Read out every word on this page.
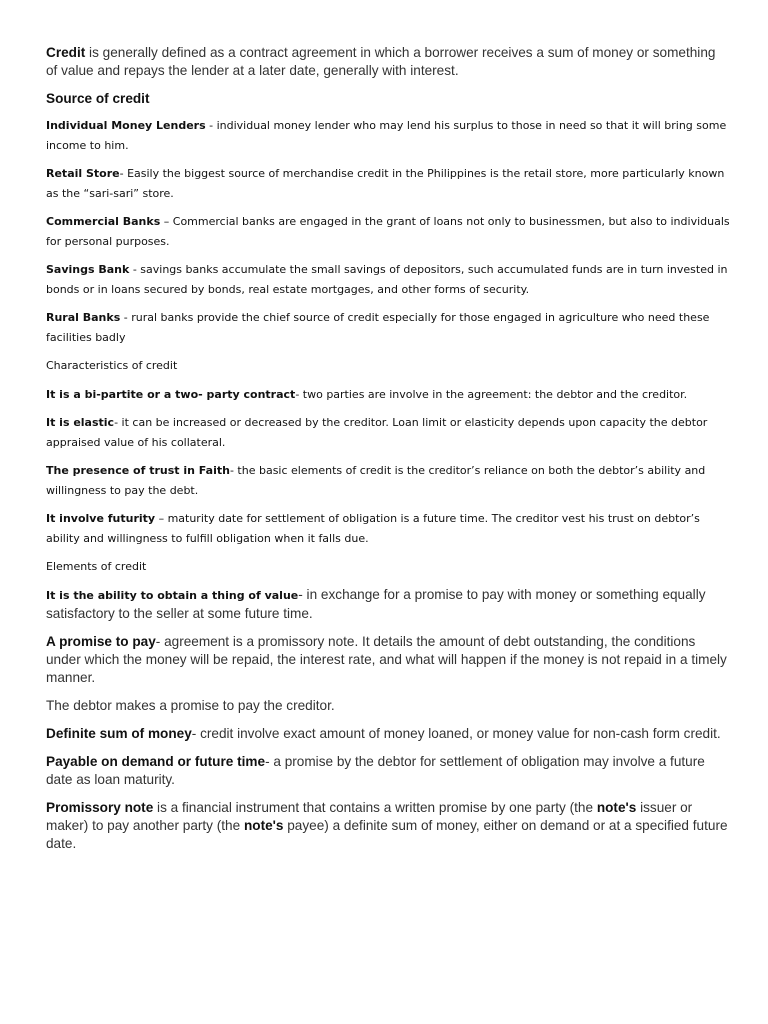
Credit is generally defined as a contract agreement in which a borrower receives a sum of money or something of value and repays the lender at a later date, generally with interest.

Source of credit

Individual Money Lenders - individual money lender who may lend his surplus to those in need so that it will bring some income to him.

Retail Store- Easily the biggest source of merchandise credit in the Philippines is the retail store, more particularly known as the “sari-sari” store.

Commercial Banks – Commercial banks are engaged in the grant of loans not only to businessmen, but also to individuals for personal purposes.

Savings Bank - savings banks accumulate the small savings of depositors, such accumulated funds are in turn invested in bonds or in loans secured by bonds, real estate mortgages, and other forms of security.

Rural Banks - rural banks provide the chief source of credit especially for those engaged in agriculture who need these facilities badly

Characteristics of credit

It is a bi-partite or a two- party contract- two parties are involve in the agreement: the debtor and the creditor.

It is elastic- it can be increased or decreased by the creditor. Loan limit or elasticity depends upon capacity the debtor appraised value of his collateral.

The presence of trust in Faith- the basic elements of credit is the creditor’s reliance on both the debtor’s ability and willingness to pay the debt.

It involve futurity – maturity date for settlement of obligation is a future time. The creditor vest his trust on debtor’s ability and willingness to fulfill obligation when it falls due.

Elements of credit

It is the ability to obtain a thing of value- in exchange for a promise to pay with money or something equally satisfactory to the seller at some future time.

A promise to pay- agreement is a promissory note. It details the amount of debt outstanding, the conditions under which the money will be repaid, the interest rate, and what will happen if the money is not repaid in a timely manner.

The debtor makes a promise to pay the creditor.

Definite sum of money- credit involve exact amount of money loaned, or money value for non-cash form credit.

Payable on demand or future time- a promise by the debtor for settlement of obligation may involve a future date as loan maturity.

Promissory note is a financial instrument that contains a written promise by one party (the note's issuer or maker) to pay another party (the note's payee) a definite sum of money, either on demand or at a specified future date.
